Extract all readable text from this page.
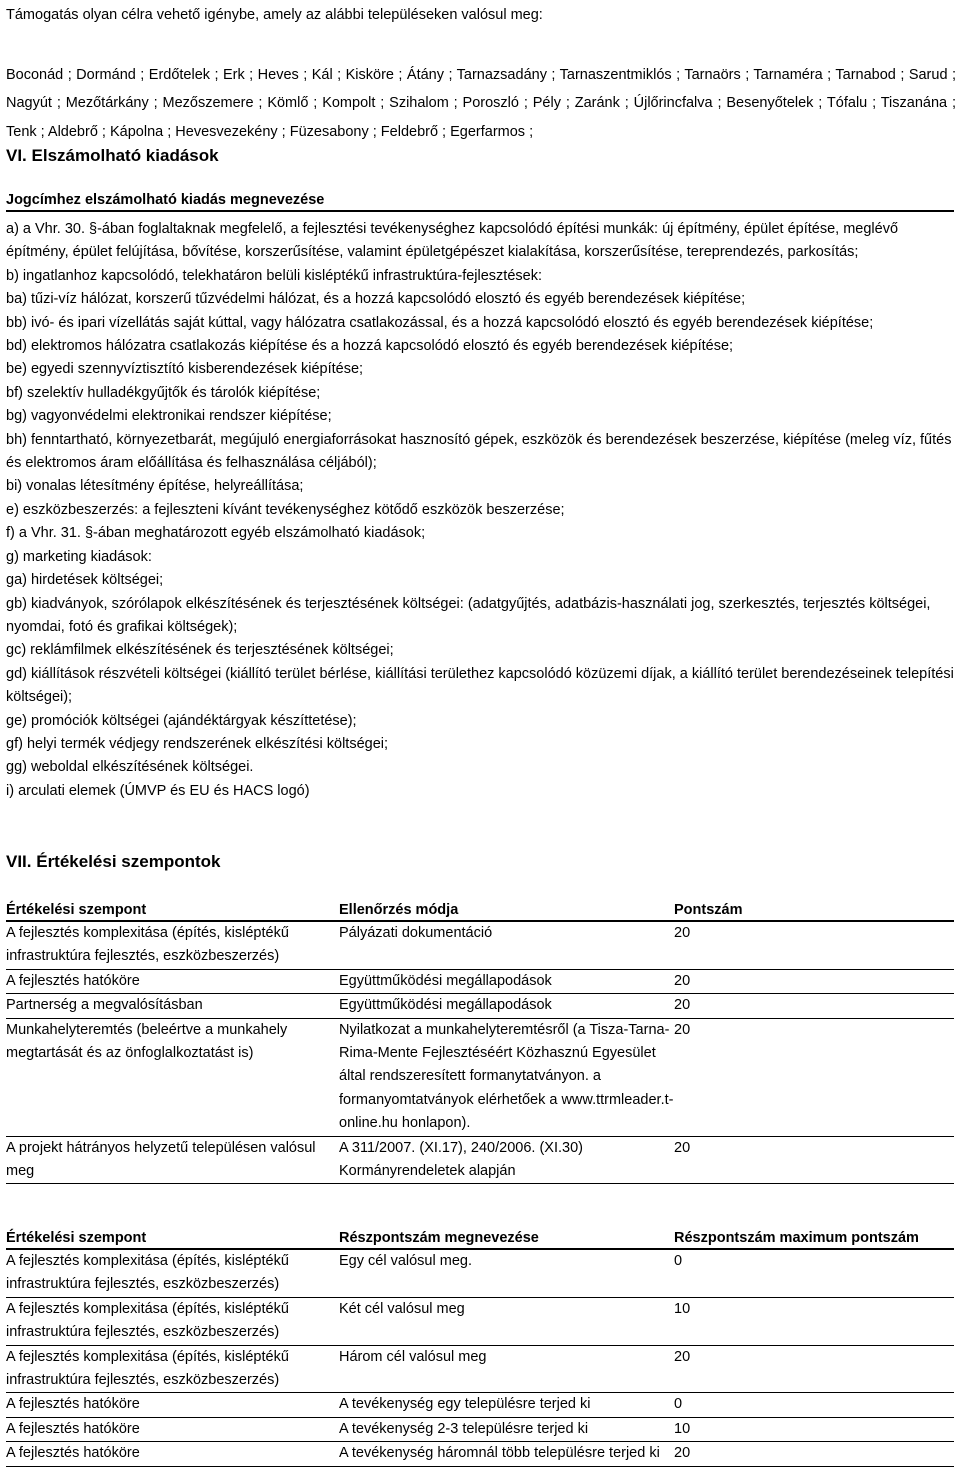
Támogatás olyan célra vehető igénybe, amely az alábbi településeken valósul meg:

Boconád ; Dormánd ; Erdőtelek ; Erk ; Heves ; Kál ; Kisköre ; Átány ; Tarnazsadány ; Tarnaszentmiklós ; Tarnaörs ; Tarnaméra ; Tarnabod ; Sarud ; Nagyút ; Mezőtárkány ; Mezőszemere ; Kömlő ; Kompolt ; Szihalom ; Poroszló ; Pély ; Zaránk ; Újlőrincfalva ; Besenyőtelek ; Tófalu ; Tiszanána ; Tenk ; Aldebrő ; Kápolna ; Hevesvezekény ; Füzesabony ; Feldebrő ; Egerfarmos ;

VI. Elszámolható kiadások
Jogcímhez elszámolható kiadás megnevezése

a) a Vhr. 30. §-ában foglaltaknak megfelelő, a fejlesztési tevékenységhez kapcsolódó építési munkák: új építmény, épület építése, meglévő építmény, épület felújítása, bővítése, korszerűsítése, valamint épületgépészet kialakítása, korszerűsítése, tereprendezés, parkosítás;

b) ingatlanhoz kapcsolódó, telekhatáron belüli kisléptékű infrastruktúra-fejlesztések:

ba) tűzi-víz hálózat, korszerű tűzvédelmi hálózat, és a hozzá kapcsolódó elosztó és egyéb berendezések kiépítése;

bb) ivó- és ipari vízellátás saját kúttal, vagy hálózatra csatlakozással, és a hozzá kapcsolódó elosztó és egyéb berendezések kiépítése;

bd) elektromos hálózatra csatlakozás kiépítése és a hozzá kapcsolódó elosztó és egyéb berendezések kiépítése;

be) egyedi szennyvíztisztító kisberendezések kiépítése;

bf) szelektív hulladékgyűjtők és tárolók kiépítése;

bg) vagyonvédelmi elektronikai rendszer kiépítése;

bh) fenntartható, környezetbarát, megújuló energiaforrásokat hasznosító gépek, eszközök és berendezések beszerzése, kiépítése (meleg víz, fűtés és elektromos áram előállítása és felhasználása céljából);

bi) vonalas létesítmény építése, helyreállítása;

e) eszközbeszerzés: a fejleszteni kívánt tevékenységhez kötődő eszközök beszerzése;

f) a Vhr. 31. §-ában meghatározott egyéb elszámolható kiadások;

g) marketing kiadások:

ga) hirdetések költségei;

gb) kiadványok, szórólapok elkészítésének és terjesztésének költségei: (adatgyűjtés, adatbázis-használati jog, szerkesztés, terjesztés költségei, nyomdai, fotó és grafikai költségek);

gc) reklámfilmek elkészítésének és terjesztésének költségei;

gd) kiállítások részvételi költségei (kiállító terület bérlése, kiállítási területhez kapcsolódó közüzemi díjak, a kiállító terület berendezéseinek telepítési költségei);

ge) promóciók költségei (ajándéktárgyak készíttetése);

gf) helyi termék védjegy rendszerének elkészítési költségei;

gg) weboldal elkészítésének költségei.

i) arculati elemek (ÚMVP és EU és HACS logó)

VII. Értékelési szempontok
Értékelési szempont	Ellenőrzés módja	Pontszám
A fejlesztés komplexitása (építés, kisléptékű infrastruktúra fejlesztés, eszközbeszerzés)	Pályázati dokumentáció	20
A fejlesztés hatóköre	Együttműködési megállapodások	20
Partnerség a megvalósításban	Együttműködési megállapodások	20
Munkahelyteremtés (beleértve a munkahely megtartását és az önfoglalkoztatást is)	Nyilatkozat a munkahelyteremtésről (a Tisza-Tarna-Rima-Mente Fejlesztéséért Közhasznú Egyesület által rendszeresített formanytatványon. a formanyomtatványok elérhetőek a www.ttrmleader.t-online.hu honlapon).	20
A projekt hátrányos helyzetű településen valósul meg	A 311/2007. (XI.17), 240/2006. (XI.30) Kormányrendeletek alapján	20
Értékelési szempont	Részpontszám megnevezése	Részpontszám maximum pontszám
A fejlesztés komplexitása (építés, kisléptékű infrastruktúra fejlesztés, eszközbeszerzés)	Egy cél valósul meg.	0
A fejlesztés komplexitása (építés, kisléptékű infrastruktúra fejlesztés, eszközbeszerzés)	Két cél valósul meg	10
A fejlesztés komplexitása (építés, kisléptékű infrastruktúra fejlesztés, eszközbeszerzés)	Három cél valósul meg	20
A fejlesztés hatóköre	A tevékenység egy településre terjed ki	0
A fejlesztés hatóköre	A tevékenység 2-3 településre terjed ki	10
A fejlesztés hatóköre	A tevékenység háromnál több településre terjed ki	20
